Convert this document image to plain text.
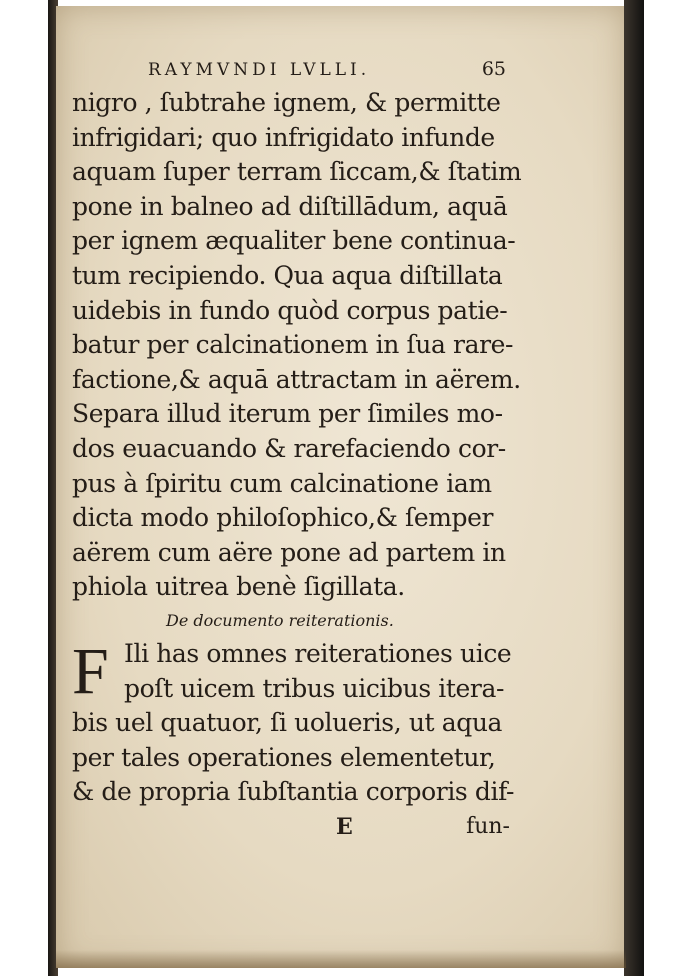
RAYMVNDI LVLLI.	65
nigro , ſubtrahe ignem, & permitte
infrigidari; quo infrigidato infunde
aquam ſuper terram ſiccam,& ſtatim
pone in balneo ad diſtillādum, aquā
per ignem æqualiter bene continua-
tum recipiendo. Qua aqua diſtillata
uidebis in fundo quòd corpus patie-
batur per calcinationem in ſua rare-
factione,& aquā attractam in aërem.
Separa illud iterum per ſimiles mo-
dos euacuando & rarefaciendo cor-
pus à ſpiritu cum calcinatione iam
dicta modo philoſophico,& ſemper
aërem cum aëre pone ad partem in
phiola uitrea benè ſigillata.
De documento reiterationis.
F Ili has omnes reiterationes uice
poſt uicem tribus uicibus itera-
bis uel quatuor, ſi uolueris, ut aqua
per tales operationes elementetur,
& de propria ſubſtantia corporis dif-
E	fun-
